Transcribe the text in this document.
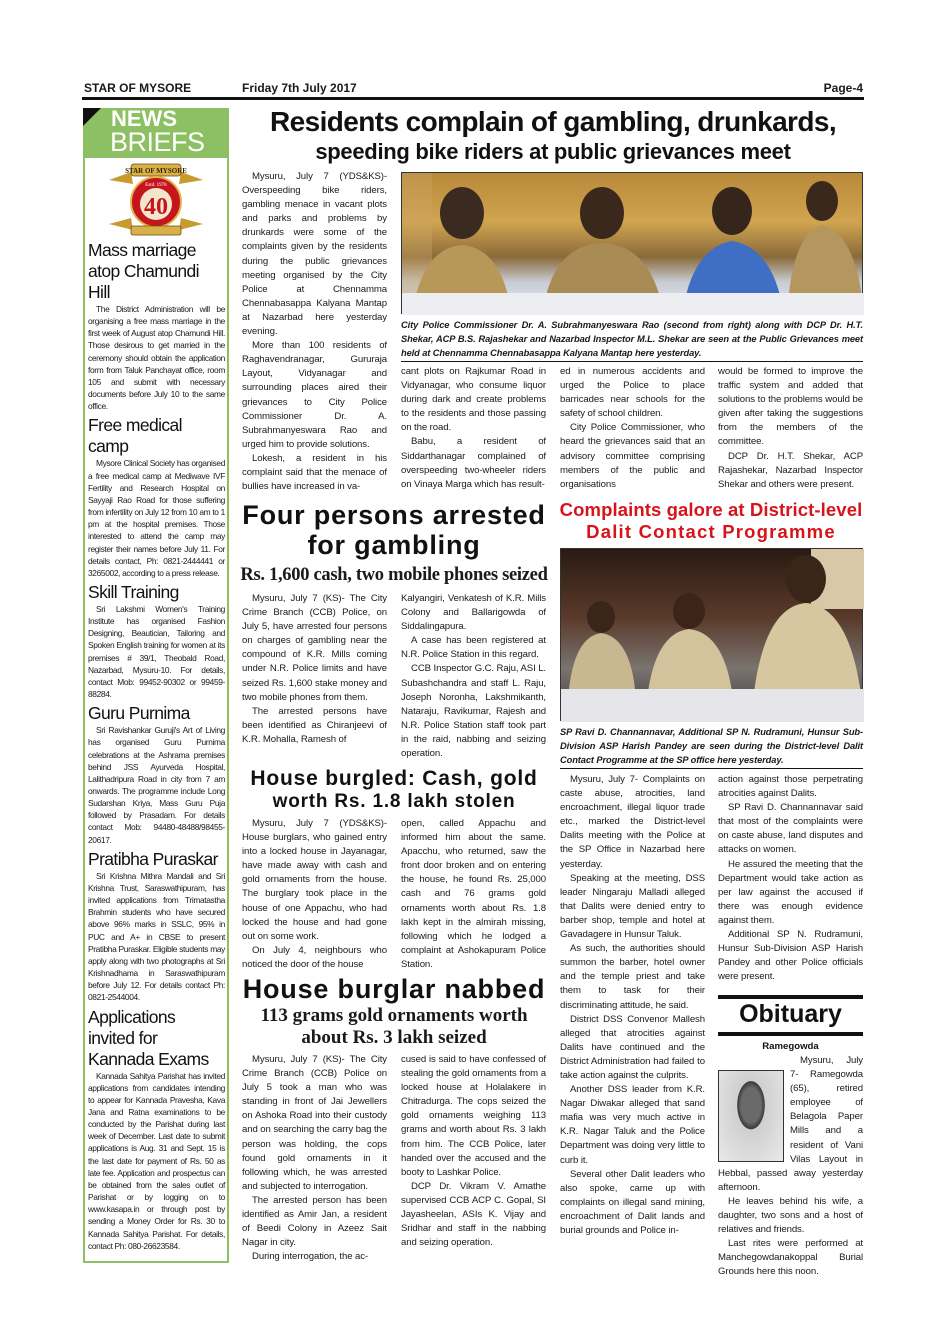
STAR OF MYSORE	Friday 7th July 2017	Page-4
NEWS
BRIEFS
STAR OF MYSORE
Estd. 1978
40
Mass marriage atop Chamundi Hill
The District Administration will be organising a free mass marriage in the first week of August atop Chamundi Hill. Those desirous to get married in the ceremony should obtain the application form from Taluk Panchayat office, room 105 and submit with necessary documents before July 10 to the same office.
Free medical camp
Mysore Clinical Society has organised a free medical camp at Mediwave IVF Fertility and Research Hospital on Sayyaji Rao Road for those suffering from infertility on July 12 from 10 am to 1 pm at the hospital premises. Those interested to attend the camp may register their names before July 11. For details contact, Ph: 0821-2444441 or 3265002, according to a press release.
Skill Training
Sri Lakshmi Women's Training Institute has organised Fashion Designing, Beautician, Tailoring and Spoken English training for women at its premises # 39/1, Theobald Road, Nazarbad, Mysuru-10. For details, contact Mob: 99452-90302 or 99459-88284.
Guru Purnima
Sri Ravishankar Guruji's Art of Living has organised Guru Purnima celebrations at the Ashrama premises behind JSS Ayurveda Hospital, Lalithadripura Road in city from 7 am onwards. The programme include Long Sudarshan Kriya, Mass Guru Puja followed by Prasadam. For details contact Mob: 94480-48488/98455-20617.
Pratibha Puraskar
Sri Krishna Mithra Mandali and Sri Krishna Trust, Saraswathipuram, has invited applications from Trimatastha Brahmin students who have secured above 96% marks in SSLC, 95% in PUC and A+ in CBSE to present Pratibha Puraskar. Eligible students may apply along with two photographs at Sri Krishnadhama in Saraswathipuram before July 12. For details contact Ph: 0821-2544004.
Applications invited for Kannada Exams
Kannada Sahitya Parishat has invited applications from candidates intending to appear for Kannada Pravesha, Kava Jana and Ratna examinations to be conducted by the Parishat during last week of December. Last date to submit applications is Aug. 31 and Sept. 15 is the last date for payment of Rs. 50 as late fee. Application and prospectus can be obtained from the sales outlet of Parishat or by logging on to www.kasapa.in or through post by sending a Money Order for Rs. 30 to Kannada Sahitya Parishat. For details, contact Ph: 080-26623584.
Residents complain of gambling, drunkards,
speeding bike riders at public grievances meet

Mysuru, July 7 (YDS&KS)- Overspeeding bike riders, gambling menace in vacant plots and parks and problems by drunkards were some of the complaints given by the residents during the public grievances meeting organised by the City Police at Chennamma Chennabasappa Kalyana Mantap at Nazarbad here yesterday evening.

More than 100 residents of Raghavendranagar, Gururaja Layout, Vidyanagar and surrounding places aired their grievances to City Police Commissioner Dr. A. Subrahmanyeswara Rao and urged him to provide solutions.

Lokesh, a resident in his complaint said that the menace of bullies have increased in va-

City Police Commissioner Dr. A. Subrahmanyeswara Rao (second from right) along with DCP Dr. H.T. Shekar, ACP B.S. Rajashekar and Nazarbad Inspector M.L. Shekar are seen at the Public Grievances meet held at Chennamma Chennabasappa Kalyana Mantap here yesterday.

cant plots on Rajkumar Road in Vidyanagar, who consume liquor during dark and create problems to the residents and those passing on the road.

Babu, a resident of Siddarthanagar complained of overspeeding two-wheeler riders on Vinaya Marga which has result-

ed in numerous accidents and urged the Police to place barricades near schools for the safety of school children.

City Police Commissioner, who heard the grievances said that an advisory committee comprising members of the public and organisations

would be formed to improve the traffic system and added that solutions to the problems would be given after taking the suggestions from the members of the committee.

DCP Dr. H.T. Shekar, ACP Rajashekar, Nazarbad Inspector Shekar and others were present.

Four persons arrested
for gambling
Rs. 1,600 cash, two mobile phones seized

Mysuru, July 7 (KS)- The City Crime Branch (CCB) Police, on July 5, have arrested four persons on charges of gambling near the compound of K.R. Mills coming under N.R. Police limits and have seized Rs. 1,600 stake money and two mobile phones from them.

The arrested persons have been identified as Chiranjeevi of K.R. Mohalla, Ramesh of

Kalyangiri, Venkatesh of K.R. Mills Colony and Ballarigowda of Siddalingapura.

A case has been registered at N.R. Police Station in this regard.

CCB Inspector G.C. Raju, ASI L. Subashchandra and staff L. Raju, Joseph Noronha, Lakshmikanth, Nataraju, Ravikumar, Rajesh and N.R. Police Station staff took part in the raid, nabbing and seizing operation.

Complaints galore at District-level
Dalit Contact Programme
SP Ravi D. Channannavar, Additional SP N. Rudramuni, Hunsur Sub-Division ASP Harish Pandey are seen during the District-level Dalit Contact Programme at the SP office here yesterday.

Mysuru, July 7- Complaints on caste abuse, atrocities, land encroachment, illegal liquor trade etc., marked the District-level Dalits meeting with the Police at the SP Office in Nazarbad here yesterday.

Speaking at the meeting, DSS leader Ningaraju Malladi alleged that Dalits were denied entry to barber shop, temple and hotel at Gavadagere in Hunsur Taluk.

As such, the authorities should summon the barber, hotel owner and the temple priest and take them to task for their discriminating attitude, he said.

District DSS Convenor Mallesh alleged that atrocities against Dalits have continued and the District Administration had failed to take action against the culprits.

Another DSS leader from K.R. Nagar Diwakar alleged that sand mafia was very much active in K.R. Nagar Taluk and the Police Department was doing very little to curb it.

Several other Dalit leaders who also spoke, came up with complaints on illegal sand mining, encroachment of Dalit lands and burial grounds and Police in-

action against those perpetrating atrocities against Dalits.

SP Ravi D. Channannavar said that most of the complaints were on caste abuse, land disputes and attacks on women.

He assured the meeting that the Department would take action as per law against the accused if there was enough evidence against them.

Additional SP N. Rudramuni, Hunsur Sub-Division ASP Harish Pandey and other Police officials were present.

House burgled: Cash, gold
worth Rs. 1.8 lakh stolen

Mysuru, July 7 (YDS&KS)- House burglars, who gained entry into a locked house in Jayanagar, have made away with cash and gold ornaments from the house. The burglary took place in the house of one Appachu, who had locked the house and had gone out on some work.

On July 4, neighbours who noticed the door of the house

open, called Appachu and informed him about the same. Apacchu, who returned, saw the front door broken and on entering the house, he found Rs. 25,000 cash and 76 grams gold ornaments worth about Rs. 1.8 lakh kept in the almirah missing, following which he lodged a complaint at Ashokapuram Police Station.

House burglar nabbed
113 grams gold ornaments worth
about Rs. 3 lakh seized

Mysuru, July 7 (KS)- The City Crime Branch (CCB) Police on July 5 took a man who was standing in front of Jai Jewellers on Ashoka Road into their custody and on searching the carry bag the person was holding, the cops found gold ornaments in it following which, he was arrested and subjected to interrogation.

The arrested person has been identified as Amir Jan, a resident of Beedi Colony in Azeez Sait Nagar in city.

During interrogation, the ac-

cused is said to have confessed of stealing the gold ornaments from a locked house at Holalakere in Chitradurga. The cops seized the gold ornaments weighing 113 grams and worth about Rs. 3 lakh from him. The CCB Police, later handed over the accused and the booty to Lashkar Police.

DCP Dr. Vikram V. Amathe supervised CCB ACP C. Gopal, SI Jayasheelan, ASIs K. Vijay and Sridhar and staff in the nabbing and seizing operation.

Obituary
Ramegowda

Mysuru, July 7- Ramegowda (65), retired employee of Belagola Paper Mills and a resident of Vani Vilas Layout in Hebbal, passed away yesterday afternoon.

He leaves behind his wife, a daughter, two sons and a host of relatives and friends.

Last rites were performed at Manchegowdanakoppal Burial Grounds here this noon.
